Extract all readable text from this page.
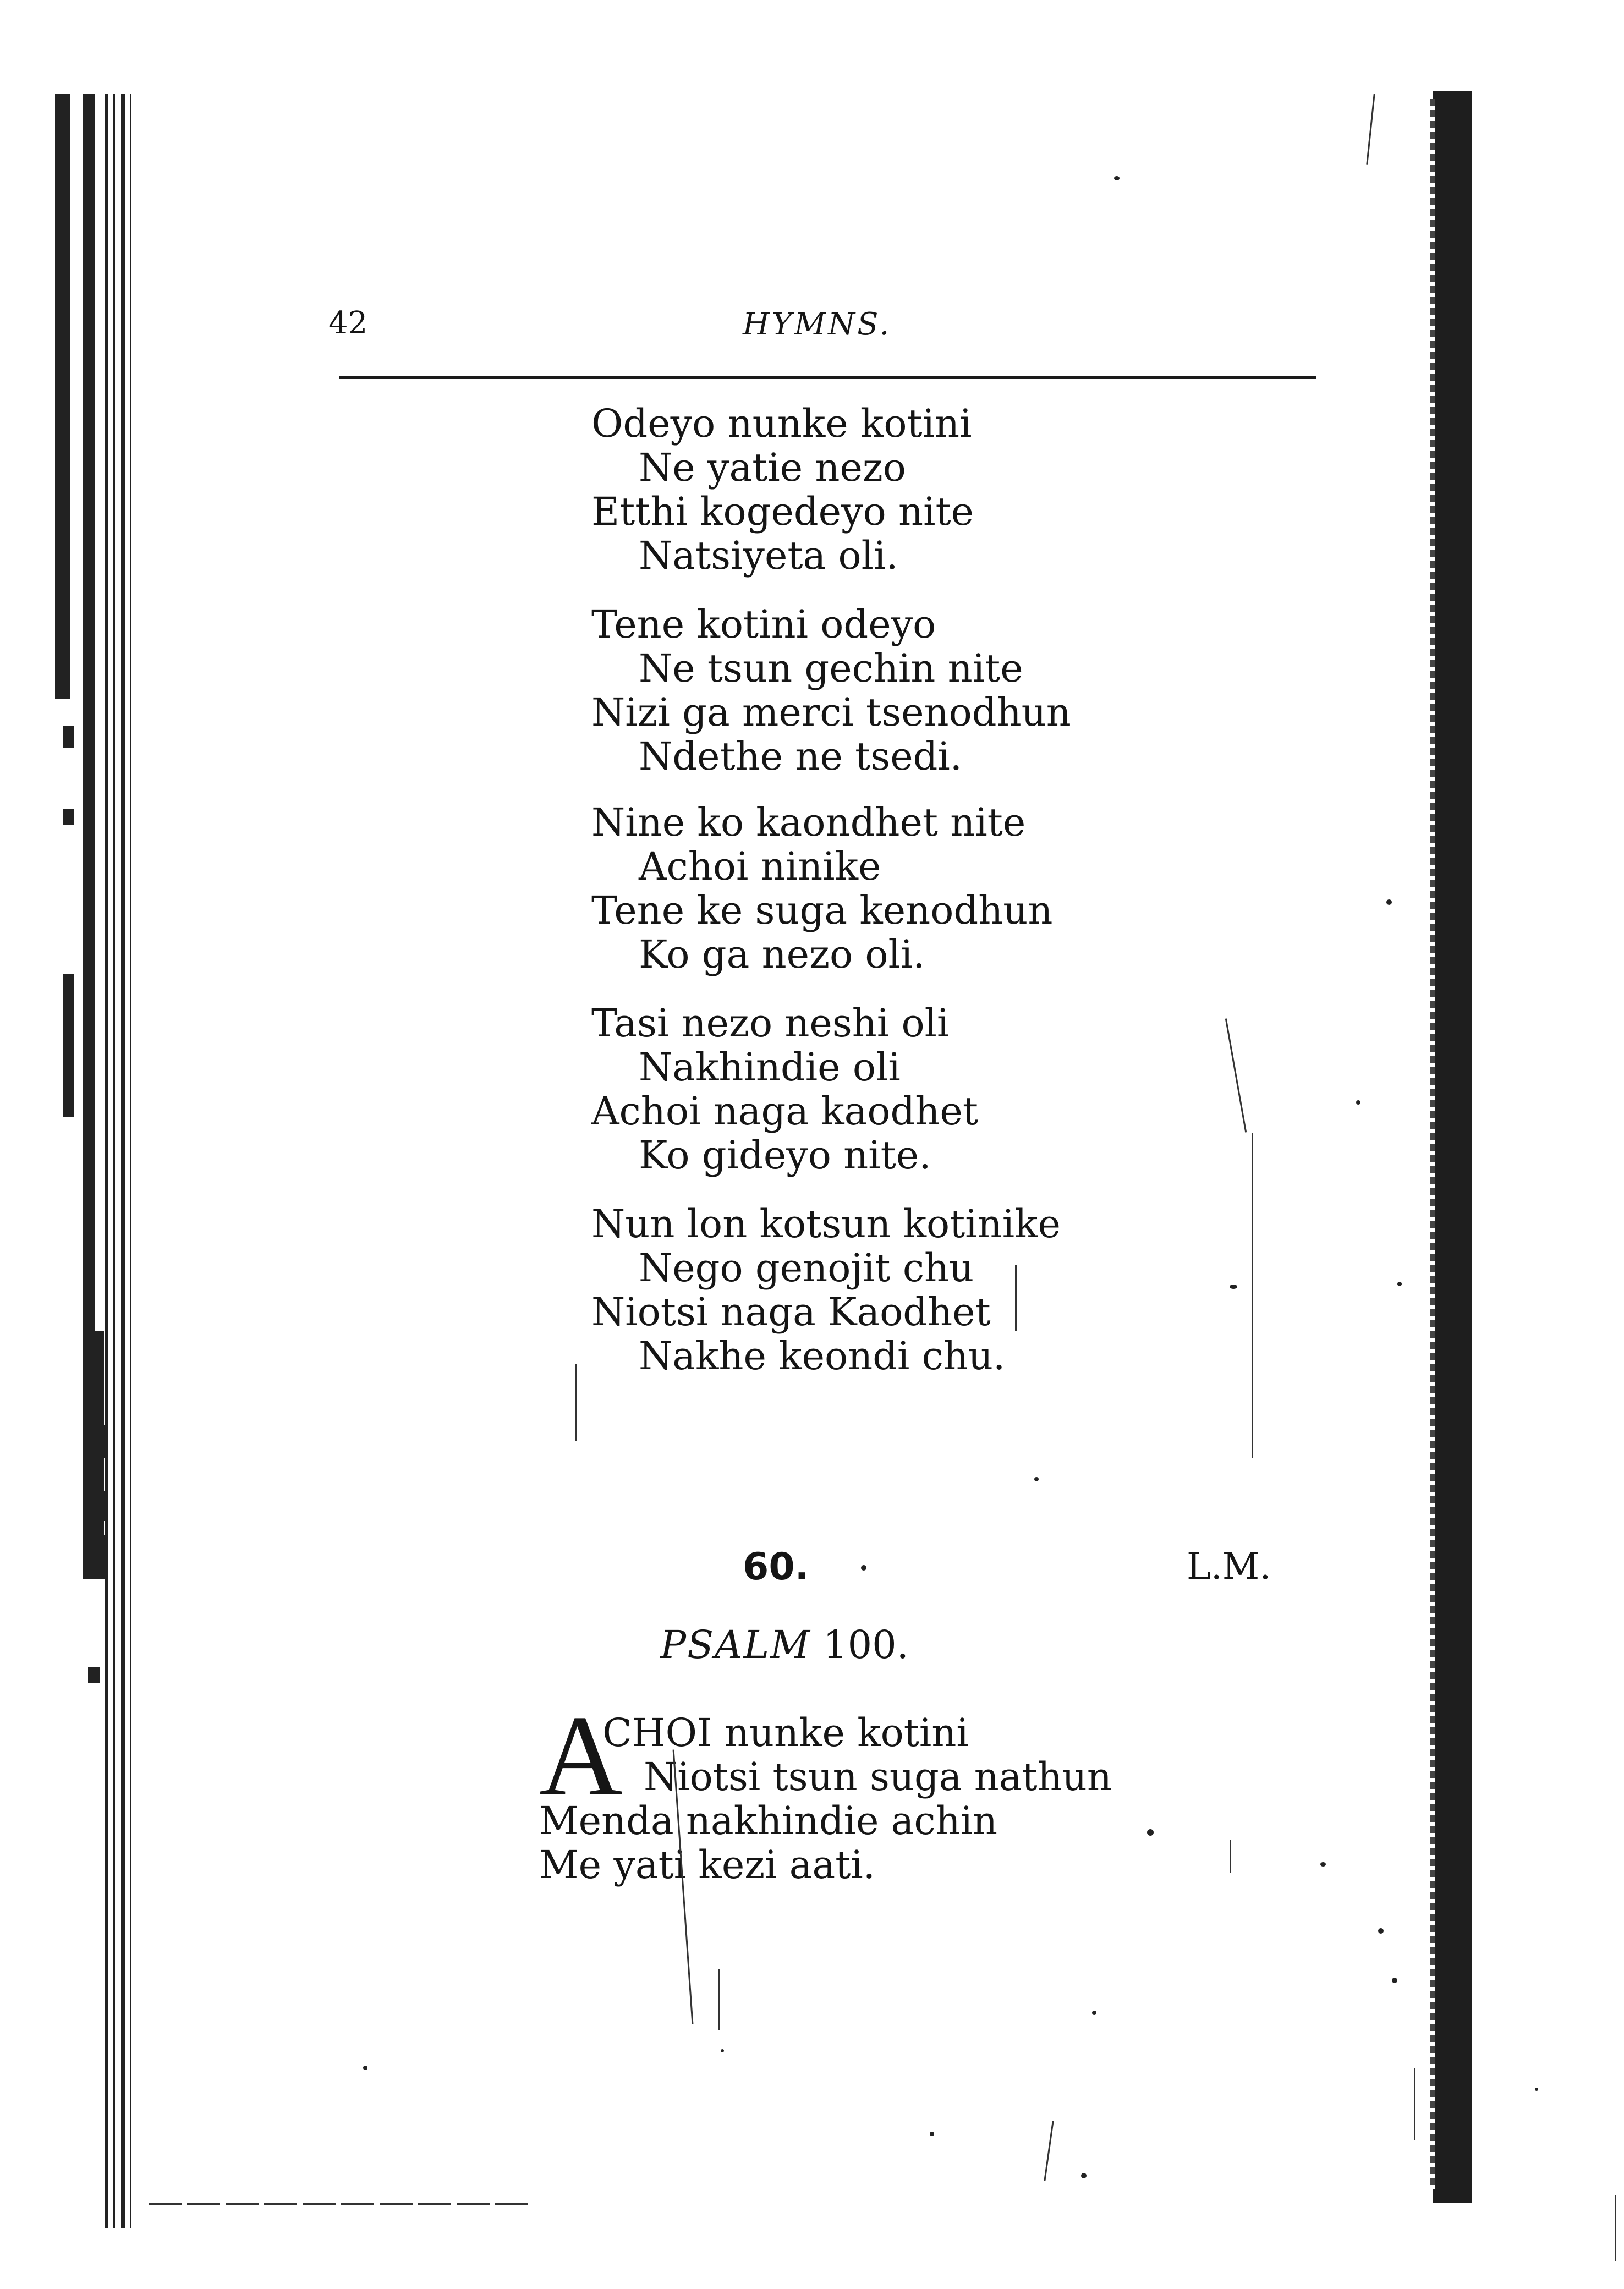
42	HYMNS.
Odeyo nunke kotini
Ne yatie nezo
Etthi kogedeyo nite
Natsiyeta oli.
Tene kotini odeyo
Ne tsun gechin nite
Nizi ga merci tsenodhun
Ndethe ne tsedi.
Nine ko kaondhet nite
Achoi ninike
Tene ke suga kenodhun
Ko ga nezo oli.
Tasi nezo neshi oli
Nakhindie oli
Achoi naga kaodhet
Ko gideyo nite.
Nun lon kotsun kotinike
Nego genojit chu
Niotsi naga Kaodhet
Nakhe keondi chu.
60.	L.M.
PSALM 100.
A
CHOI nunke kotini
Niotsi tsun suga nathun
Menda nakhindie achin
Me yati kezi aati.
